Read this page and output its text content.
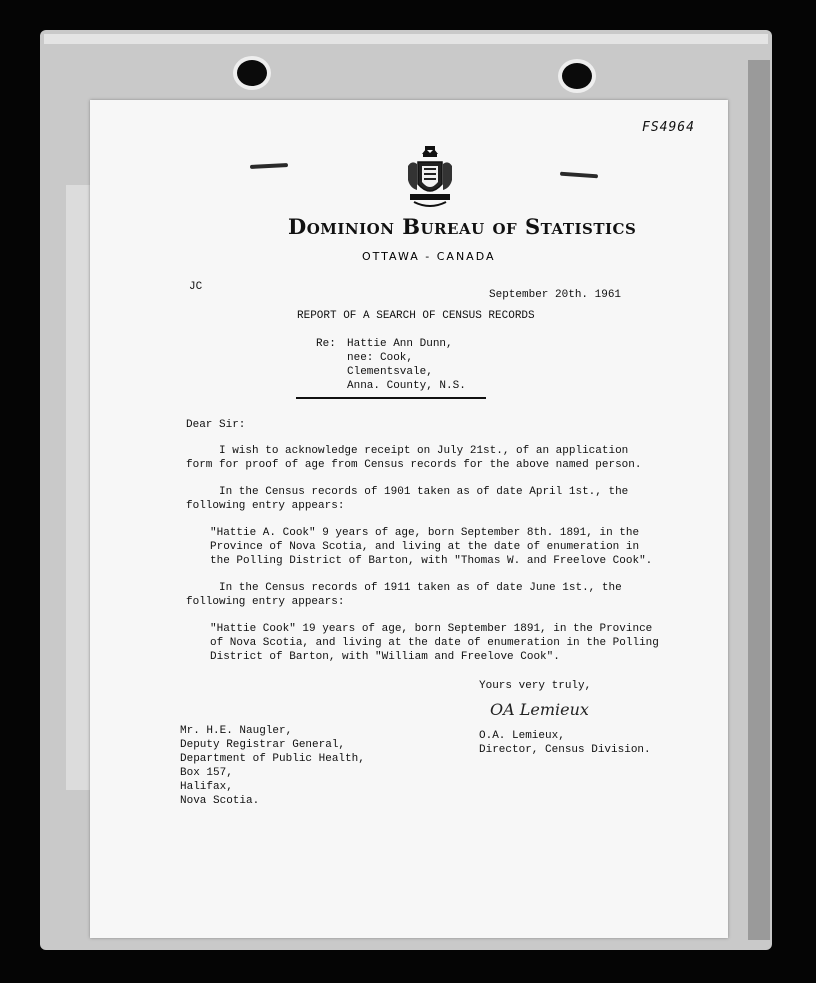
FS4964
Dominion Bureau of Statistics
OTTAWA - CANADA
JC
September 20th. 1961
REPORT OF A SEARCH OF CENSUS RECORDS
Re: Hattie Ann Dunn,
nee: Cook,
Clementsvale,
Anna. County, N.S.
Dear Sir:
I wish to acknowledge receipt on July 21st., of an application
form for proof of age from Census records for the above named person.
In the Census records of 1901 taken as of date April 1st., the
following entry appears:
"Hattie A. Cook" 9 years of age, born September 8th. 1891, in the
Province of Nova Scotia, and living at the date of enumeration in
the Polling District of Barton, with "Thomas W. and Freelove Cook".
In the Census records of 1911 taken as of date June 1st., the
following entry appears:
"Hattie Cook" 19 years of age, born September 1891, in the Province
of Nova Scotia, and living at the date of enumeration in the Polling
District of Barton, with "William and Freelove Cook".
Yours very truly,
OA Lemieux
O.A. Lemieux,
Director, Census Division.
Mr. H.E. Naugler,
Deputy Registrar General,
Department of Public Health,
Box 157,
Halifax,
Nova Scotia.
